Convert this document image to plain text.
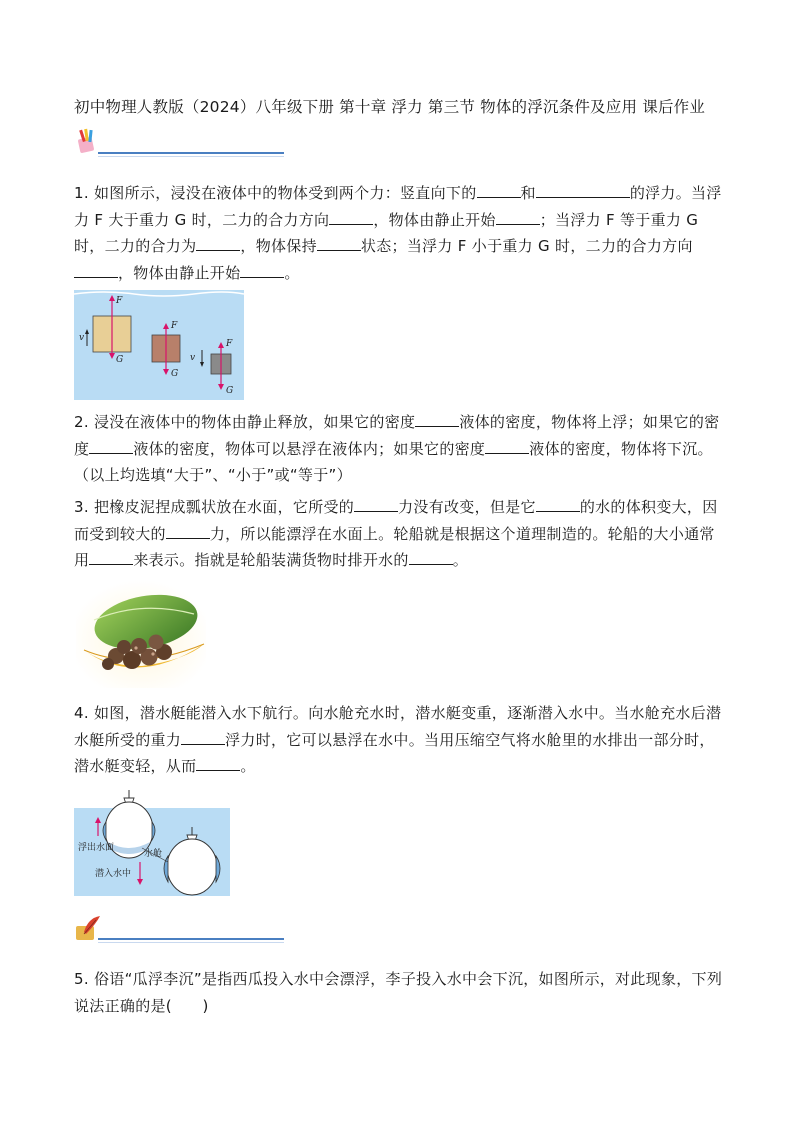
初中物理人教版（2024）八年级下册 第十章 浮力 第三节 物体的浮沉条件及应用 课后作业
1. 如图所示，浸没在液体中的物体受到两个力：竖直向下的	和	的浮力。当浮力 F 大于重力 G 时，二力的合力方向	，物体由静止开始	；当浮力 F 等于重力 G 时，二力的合力为	，物体保持	状态；当浮力 F 小于重力 G 时，二力的合力方向，物体由静止开始	。
F
G
v
F
G
F
G
v
2. 浸没在液体中的物体由静止释放，如果它的密度	液体的密度，物体将上浮；如果它的密度	液体的密度，物体可以悬浮在液体内；如果它的密度	液体的密度，物体将下沉。（以上均选填“大于”、“小于”或“等于”）
3. 把橡皮泥捏成瓢状放在水面，它所受的	力没有改变，但是它	的水的体积变大，因而受到较大的	力，所以能漂浮在水面上。轮船就是根据这个道理制造的。轮船的大小通常用	来表示。指就是轮船装满货物时排开水的	。
4. 如图，潜水艇能潜入水下航行。向水舱充水时，潜水艇变重，逐渐潜入水中。当水舱充水后潜水艇所受的重力	浮力时，它可以悬浮在水中。当用压缩空气将水舱里的水排出一部分时，潜水艇变轻，从而	。
浮出水面
水舱
潜入水中
5. 俗语“瓜浮李沉”是指西瓜投入水中会漂浮，李子投入水中会下沉，如图所示，对此现象，下列说法正确的是(　　)
